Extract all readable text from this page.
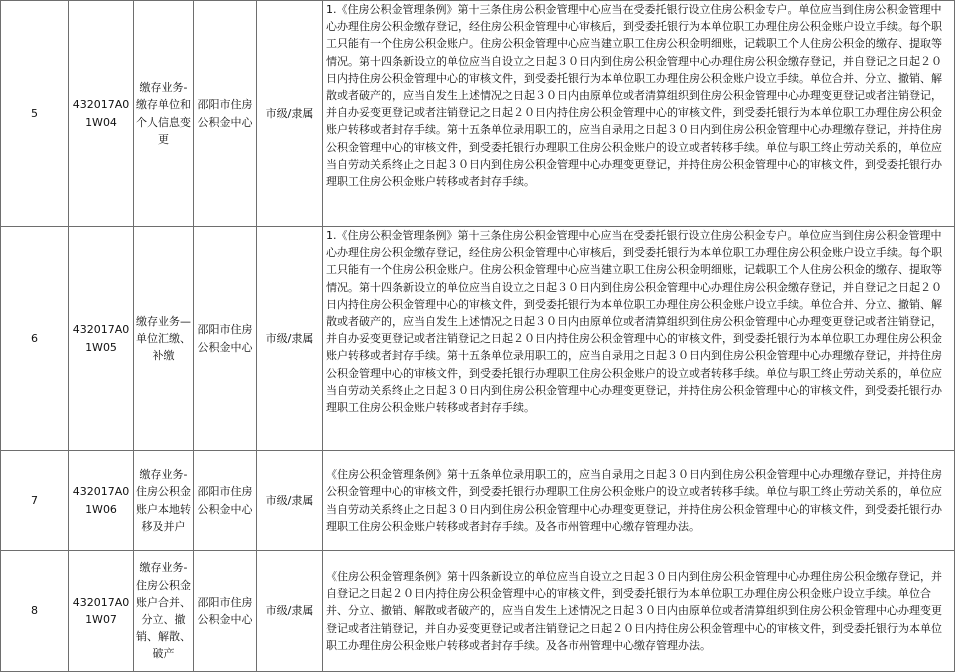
5	432017A01W04	缴存业务-缴存单位和个人信息变更	邵阳市住房公积金中心	市级/隶属	1.《住房公积金管理条例》第十三条住房公积金管理中心应当在受委托银行设立住房公积金专户。单位应当到住房公积金管理中心办理住房公积金缴存登记，经住房公积金管理中心审核后，到受委托银行为本单位职工办理住房公积金账户设立手续。每个职工只能有一个住房公积金账户。住房公积金管理中心应当建立职工住房公积金明细账，记载职工个人住房公积金的缴存、提取等情况。第十四条新设立的单位应当自设立之日起３０日内到住房公积金管理中心办理住房公积金缴存登记，并自登记之日起２０日内持住房公积金管理中心的审核文件，到受委托银行为本单位职工办理住房公积金账户设立手续。单位合并、分立、撤销、解散或者破产的，应当自发生上述情况之日起３０日内由原单位或者清算组织到住房公积金管理中心办理变更登记或者注销登记，并自办妥变更登记或者注销登记之日起２０日内持住房公积金管理中心的审核文件，到受委托银行为本单位职工办理住房公积金账户转移或者封存手续。第十五条单位录用职工的，应当自录用之日起３０日内到住房公积金管理中心办理缴存登记，并持住房公积金管理中心的审核文件，到受委托银行办理职工住房公积金账户的设立或者转移手续。单位与职工终止劳动关系的，单位应当自劳动关系终止之日起３０日内到住房公积金管理中心办理变更登记，并持住房公积金管理中心的审核文件，到受委托银行办理职工住房公积金账户转移或者封存手续。
6	432017A01W05	缴存业务—单位汇缴、补缴	邵阳市住房公积金中心	市级/隶属	1.《住房公积金管理条例》第十三条住房公积金管理中心应当在受委托银行设立住房公积金专户。单位应当到住房公积金管理中心办理住房公积金缴存登记，经住房公积金管理中心审核后，到受委托银行为本单位职工办理住房公积金账户设立手续。每个职工只能有一个住房公积金账户。住房公积金管理中心应当建立职工住房公积金明细账，记载职工个人住房公积金的缴存、提取等情况。第十四条新设立的单位应当自设立之日起３０日内到住房公积金管理中心办理住房公积金缴存登记，并自登记之日起２０日内持住房公积金管理中心的审核文件，到受委托银行为本单位职工办理住房公积金账户设立手续。单位合并、分立、撤销、解散或者破产的，应当自发生上述情况之日起３０日内由原单位或者清算组织到住房公积金管理中心办理变更登记或者注销登记，并自办妥变更登记或者注销登记之日起２０日内持住房公积金管理中心的审核文件，到受委托银行为本单位职工办理住房公积金账户转移或者封存手续。第十五条单位录用职工的，应当自录用之日起３０日内到住房公积金管理中心办理缴存登记，并持住房公积金管理中心的审核文件，到受委托银行办理职工住房公积金账户的设立或者转移手续。单位与职工终止劳动关系的，单位应当自劳动关系终止之日起３０日内到住房公积金管理中心办理变更登记，并持住房公积金管理中心的审核文件，到受委托银行办理职工住房公积金账户转移或者封存手续。
7	432017A01W06	缴存业务-住房公积金账户本地转移及并户	邵阳市住房公积金中心	市级/隶属	《住房公积金管理条例》第十五条单位录用职工的，应当自录用之日起３０日内到住房公积金管理中心办理缴存登记，并持住房公积金管理中心的审核文件，到受委托银行办理职工住房公积金账户的设立或者转移手续。单位与职工终止劳动关系的，单位应当自劳动关系终止之日起３０日内到住房公积金管理中心办理变更登记，并持住房公积金管理中心的审核文件，到受委托银行办理职工住房公积金账户转移或者封存手续。及各市州管理中心缴存管理办法。
8	432017A01W07	缴存业务-住房公积金账户合并、分立、撤销、解散、破产	邵阳市住房公积金中心	市级/隶属	《住房公积金管理条例》第十四条新设立的单位应当自设立之日起３０日内到住房公积金管理中心办理住房公积金缴存登记，并自登记之日起２０日内持住房公积金管理中心的审核文件，到受委托银行为本单位职工办理住房公积金账户设立手续。单位合并、分立、撤销、解散或者破产的，应当自发生上述情况之日起３０日内由原单位或者清算组织到住房公积金管理中心办理变更登记或者注销登记，并自办妥变更登记或者注销登记之日起２０日内持住房公积金管理中心的审核文件，到受委托银行为本单位职工办理住房公积金账户转移或者封存手续。及各市州管理中心缴存管理办法。
